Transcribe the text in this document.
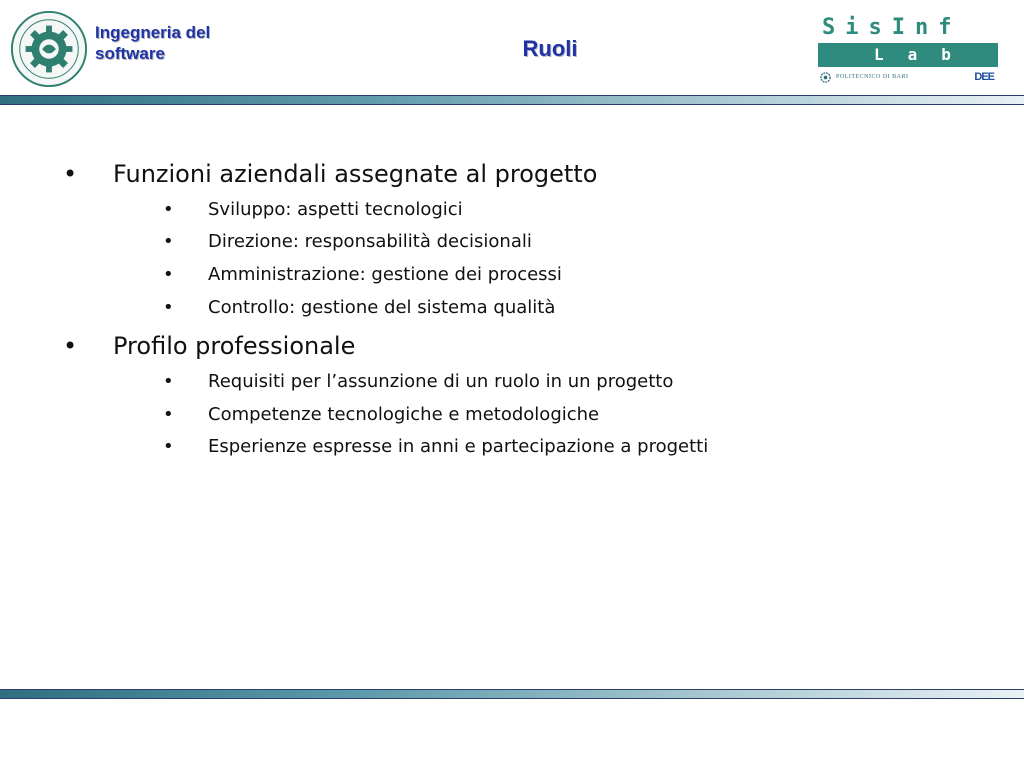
Ingegneria del software	Ruoli
SisInf
Lab
POLITECNICO DI BARI	DEE
• Funzioni aziendali assegnate al progetto
• Sviluppo: aspetti tecnologici
• Direzione: responsabilità decisionali
• Amministrazione: gestione dei processi
• Controllo: gestione del sistema qualità
• Profilo professionale
• Requisiti per l’assunzione di un ruolo in un progetto
• Competenze tecnologiche e metodologiche
• Esperienze espresse in anni e partecipazione a progetti
